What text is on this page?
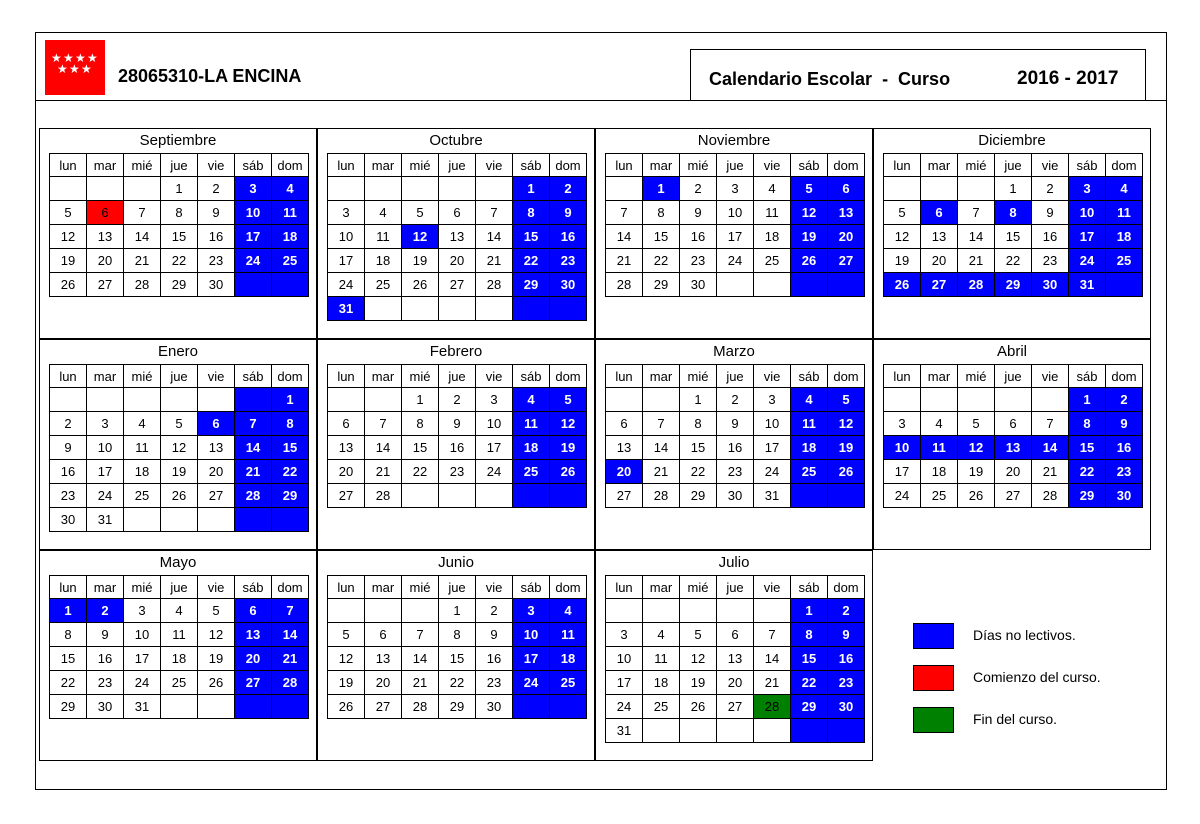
★ ★ ★ ★
★ ★ ★ 28065310-LA ENCINA	Calendario Escolar  -  Curso	2016 - 2017
Septiembre
lun	mar	mié	jue	vie	sáb	dom
			1	2	3	4
5	6	7	8	9	10	11
12	13	14	15	16	17	18
19	20	21	22	23	24	25
26	27	28	29	30		
Octubre
lun	mar	mié	jue	vie	sáb	dom
					1	2
3	4	5	6	7	8	9
10	11	12	13	14	15	16
17	18	19	20	21	22	23
24	25	26	27	28	29	30
31						
Noviembre
lun	mar	mié	jue	vie	sáb	dom
	1	2	3	4	5	6
7	8	9	10	11	12	13
14	15	16	17	18	19	20
21	22	23	24	25	26	27
28	29	30				
Diciembre
lun	mar	mié	jue	vie	sáb	dom
			1	2	3	4
5	6	7	8	9	10	11
12	13	14	15	16	17	18
19	20	21	22	23	24	25
26	27	28	29	30	31	
Enero
lun	mar	mié	jue	vie	sáb	dom
						1
2	3	4	5	6	7	8
9	10	11	12	13	14	15
16	17	18	19	20	21	22
23	24	25	26	27	28	29
30	31					
Febrero
lun	mar	mié	jue	vie	sáb	dom
		1	2	3	4	5
6	7	8	9	10	11	12
13	14	15	16	17	18	19
20	21	22	23	24	25	26
27	28					
Marzo
lun	mar	mié	jue	vie	sáb	dom
		1	2	3	4	5
6	7	8	9	10	11	12
13	14	15	16	17	18	19
20	21	22	23	24	25	26
27	28	29	30	31		
Abril
lun	mar	mié	jue	vie	sáb	dom
					1	2
3	4	5	6	7	8	9
10	11	12	13	14	15	16
17	18	19	20	21	22	23
24	25	26	27	28	29	30
Mayo
lun	mar	mié	jue	vie	sáb	dom
1	2	3	4	5	6	7
8	9	10	11	12	13	14
15	16	17	18	19	20	21
22	23	24	25	26	27	28
29	30	31				
Junio
lun	mar	mié	jue	vie	sáb	dom
			1	2	3	4
5	6	7	8	9	10	11
12	13	14	15	16	17	18
19	20	21	22	23	24	25
26	27	28	29	30		
Julio
lun	mar	mié	jue	vie	sáb	dom
					1	2
3	4	5	6	7	8	9
10	11	12	13	14	15	16
17	18	19	20	21	22	23
24	25	26	27	28	29	30
31						
Días no lectivos.
Comienzo del curso.
Fin del curso.
